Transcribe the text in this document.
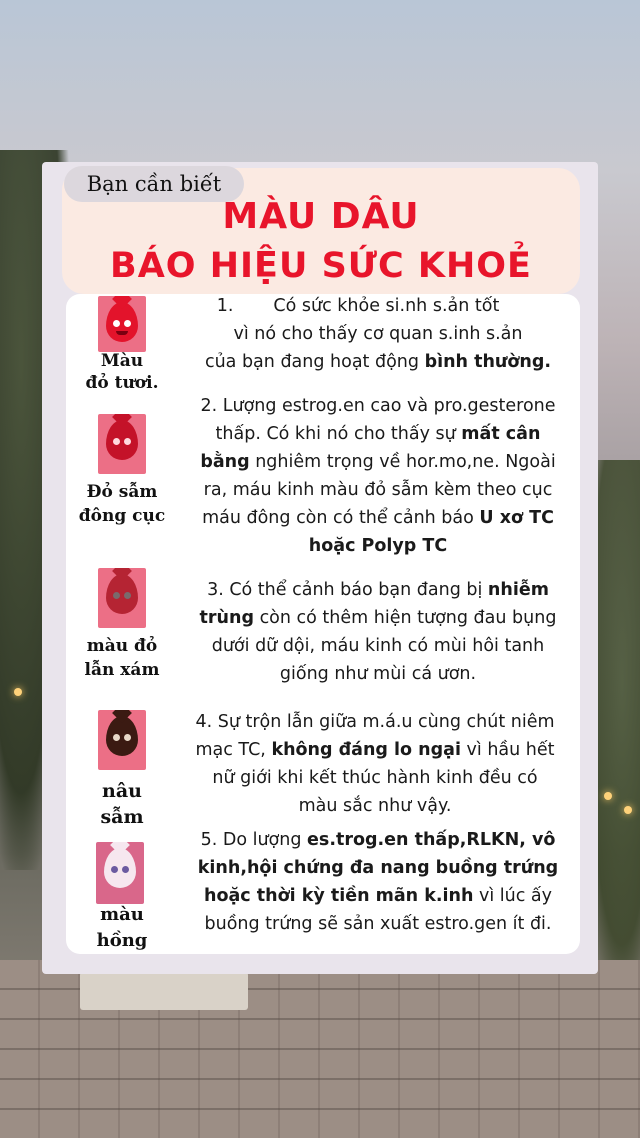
Bạn cần biết
MÀU DÂU
BÁO HIỆU SỨC KHOẺ
Màu
đỏ tươi.
1. Có sức khỏe si.nh s.ản tốt
vì nó cho thấy cơ quan s.inh s.ản
của bạn đang hoạt động bình thường.
Đỏ sẫm
đông cục
2. Lượng estrog.en cao và pro.gesterone
thấp. Có khi nó cho thấy sự mất cân
bằng nghiêm trọng về hor.mo,ne. Ngoài
ra, máu kinh màu đỏ sẫm kèm theo cục
máu đông còn có thể cảnh báo U xơ TC
hoặc Polyp TC
màu đỏ
lẫn xám
3. Có thể cảnh báo bạn đang bị nhiễm
trùng còn có thêm hiện tượng đau bụng
dưới dữ dội, máu kinh có mùi hôi tanh
giống như mùi cá ươn.
nâu
sẫm
4. Sự trộn lẫn giữa m.á.u cùng chút niêm
mạc TC, không đáng lo ngại vì hầu hết
nữ giới khi kết thúc hành kinh đều có
màu sắc như vậy.
màu
hồng
5. Do lượng es.trog.en thấp,RLKN, vô
kinh,hội chứng đa nang buồng trứng
hoặc thời kỳ tiền mãn k.inh vì lúc ấy
buồng trứng sẽ sản xuất estro.gen ít đi.
